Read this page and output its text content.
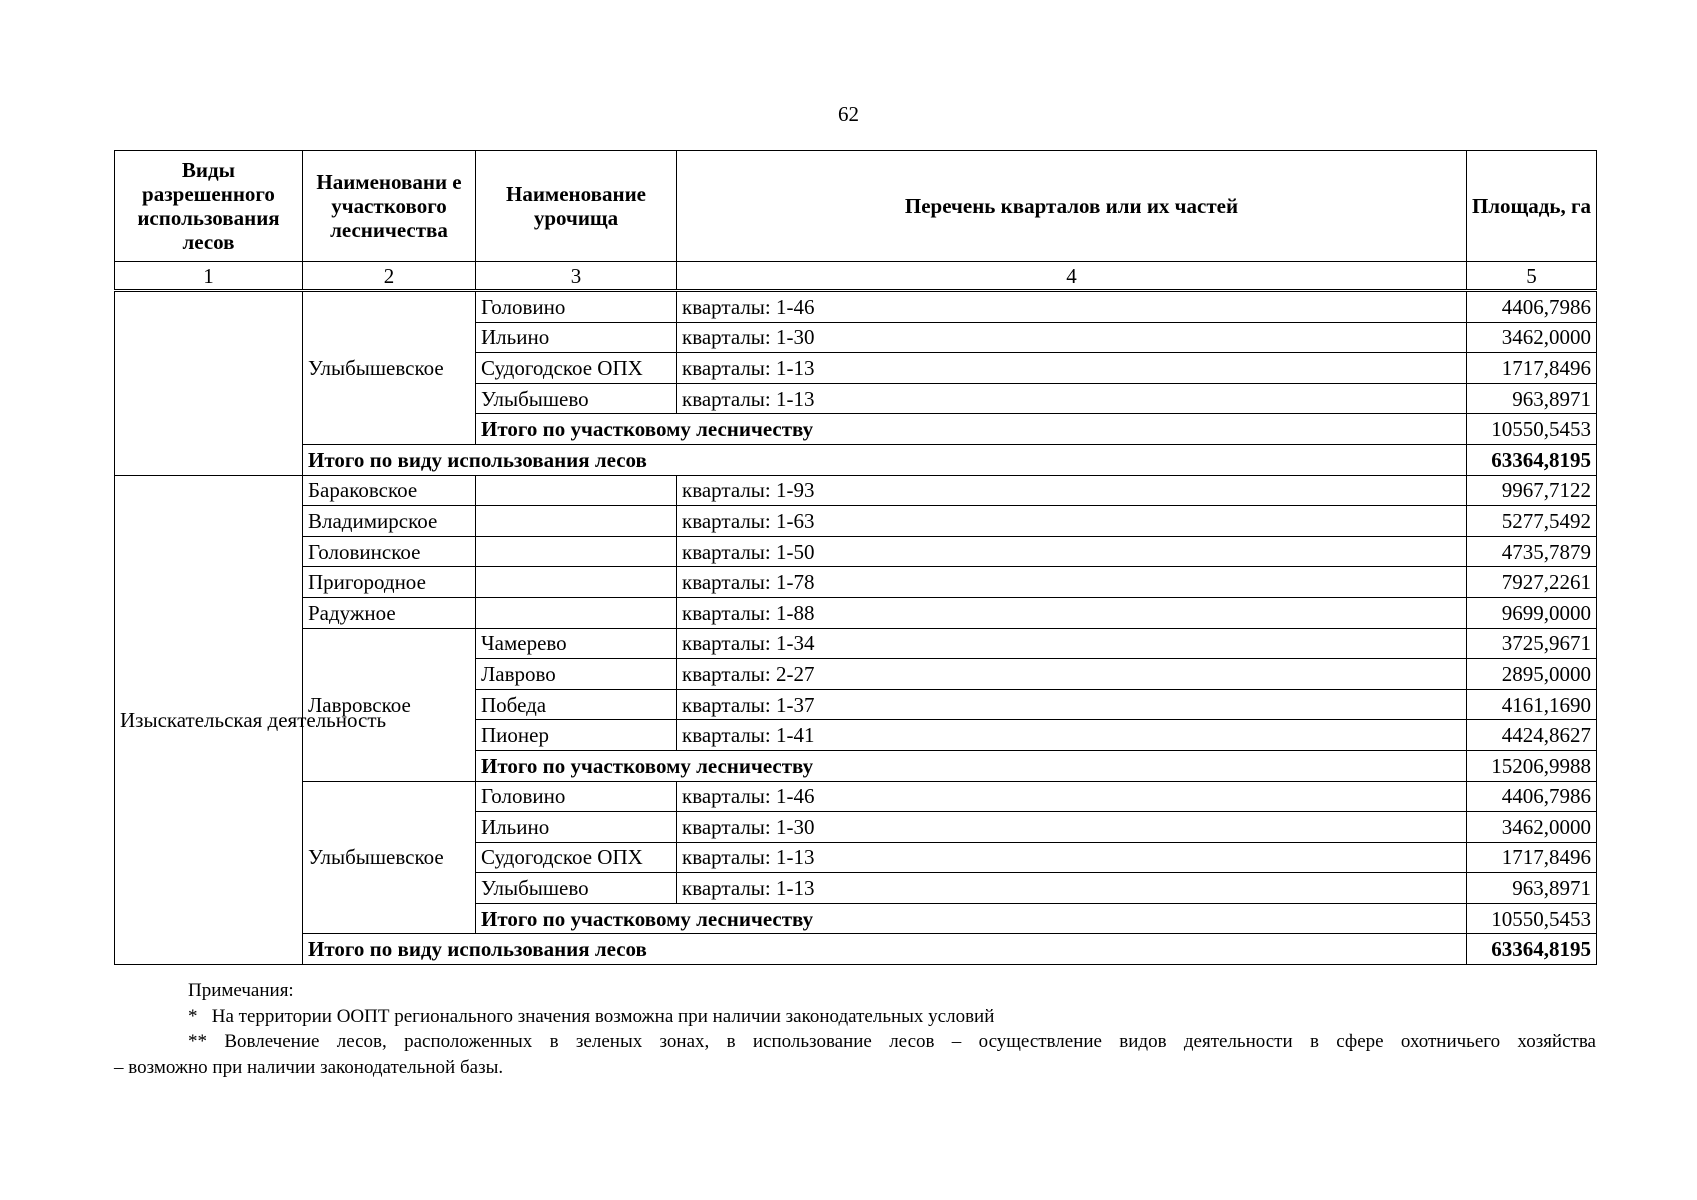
62
Виды разрешенного использования лесов	Наименовани е участкового лесничества	Наименование урочища	Перечень кварталов или их частей	Площадь, га
1	2	3	4	5
	Улыбышевское	Головино	кварталы: 1-46	4406,7986
		Ильино	кварталы: 1-30	3462,0000
		Судогодское ОПХ	кварталы: 1-13	1717,8496
		Улыбышево	кварталы: 1-13	963,8971
		Итого по участковому лесничеству		10550,5453
	Итого по виду использования лесов			63364,8195
Изыскательская деятельность	Бараковское		кварталы: 1-93	9967,7122
	Владимирское		кварталы: 1-63	5277,5492
	Головинское		кварталы: 1-50	4735,7879
	Пригородное		кварталы: 1-78	7927,2261
	Радужное		кварталы: 1-88	9699,0000
	Лавровское	Чамерево	кварталы: 1-34	3725,9671
		Лаврово	кварталы: 2-27	2895,0000
		Победа	кварталы: 1-37	4161,1690
		Пионер	кварталы: 1-41	4424,8627
		Итого по участковому лесничеству		15206,9988
	Улыбышевское	Головино	кварталы: 1-46	4406,7986
		Ильино	кварталы: 1-30	3462,0000
		Судогодское ОПХ	кварталы: 1-13	1717,8496
		Улыбышево	кварталы: 1-13	963,8971
		Итого по участковому лесничеству		10550,5453
	Итого по виду использования лесов			63364,8195
Примечания:
*   На территории ООПТ регионального значения возможна при наличии законодательных условий
** Вовлечение лесов, расположенных в зеленых зонах, в использование лесов – осуществление видов деятельности в сфере охотничьего хозяйства
– возможно при наличии законодательной базы.
